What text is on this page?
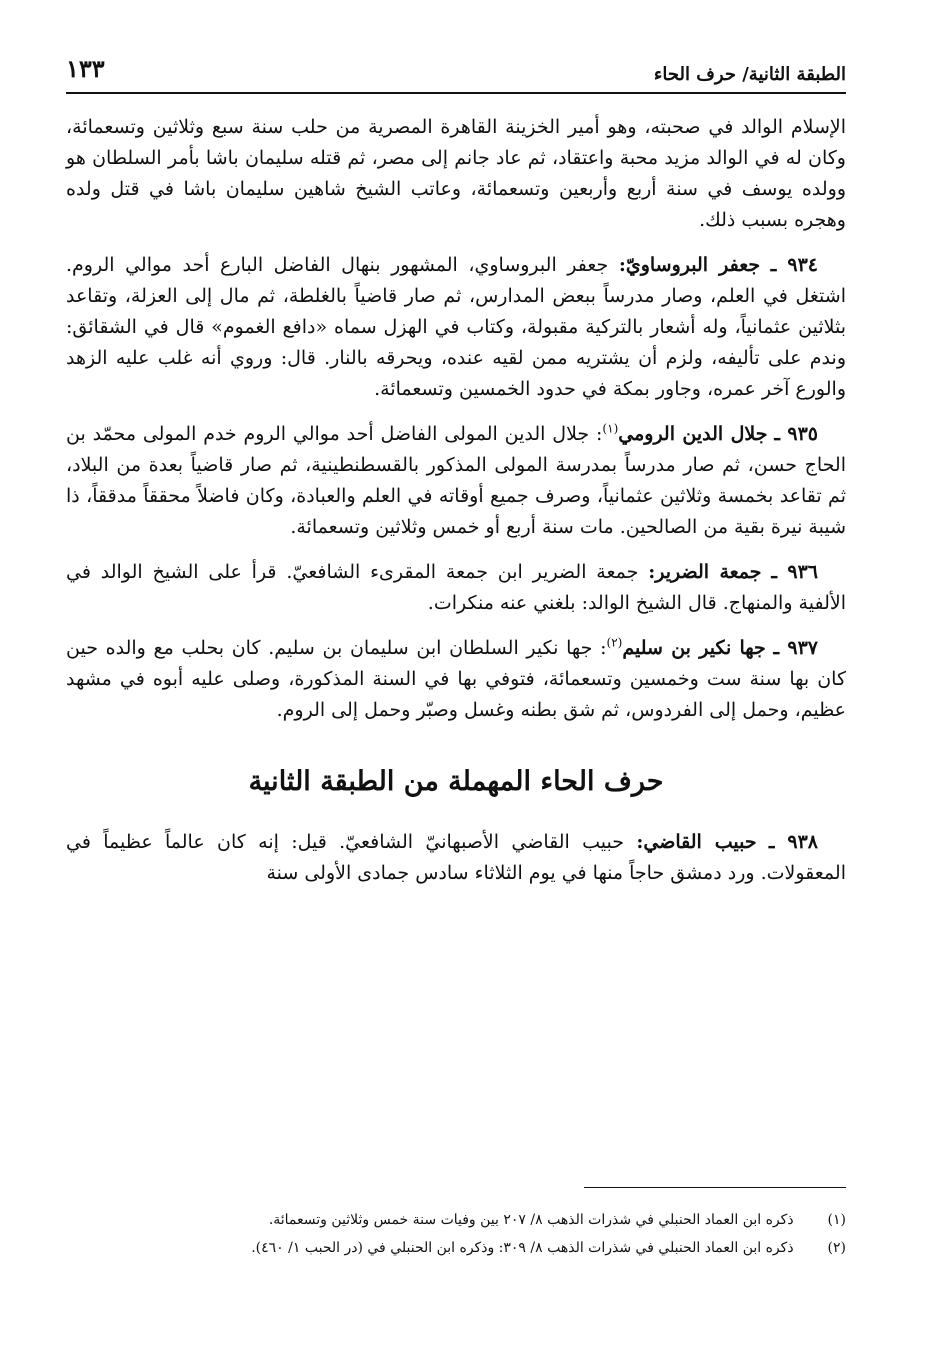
الطبقة الثانية/ حرف الحاء
١٣٣

الإسلام الوالد في صحبته، وهو أمير الخزينة القاهرة المصرية من حلب سنة سبع وثلاثين وتسعمائة، وكان له في الوالد مزيد محبة واعتقاد، ثم عاد جانم إلى مصر، ثم قتله سليمان باشا بأمر السلطان هو وولده يوسف في سنة أربع وأربعين وتسعمائة، وعاتب الشيخ شاهين سليمان باشا في قتل ولده وهجره بسبب ذلك.

٩٣٤ ـ جعفر البروساويّ: جعفر البروساوي، المشهور بنهال الفاضل البارع أحد موالي الروم. اشتغل في العلم، وصار مدرساً ببعض المدارس، ثم صار قاضياً بالغلطة، ثم مال إلى العزلة، وتقاعد بثلاثين عثمانياً، وله أشعار بالتركية مقبولة، وكتاب في الهزل سماه «دافع الغموم» قال في الشقائق: وندم على تأليفه، ولزم أن يشتريه ممن لقيه عنده، ويحرقه بالنار. قال: وروي أنه غلب عليه الزهد والورع آخر عمره، وجاور بمكة في حدود الخمسين وتسعمائة.

٩٣٥ ـ جلال الدين الرومي$^{(١)}$: جلال الدين المولى الفاضل أحد موالي الروم خدم المولى محمّد بن الحاج حسن، ثم صار مدرساً بمدرسة المولى المذكور بالقسطنطينية، ثم صار قاضياً بعدة من البلاد، ثم تقاعد بخمسة وثلاثين عثمانياً، وصرف جميع أوقاته في العلم والعبادة، وكان فاضلاً محققاً مدققاً، ذا شيبة نيرة بقية من الصالحين. مات سنة أربع أو خمس وثلاثين وتسعمائة.

٩٣٦ ـ جمعة الضرير: جمعة الضرير ابن جمعة المقرىء الشافعيّ. قرأ على الشيخ الوالد في الألفية والمنهاج. قال الشيخ الوالد: بلغني عنه منكرات.

٩٣٧ ـ جها نكير بن سليم$^{(٢)}$: جها نكير السلطان ابن سليمان بن سليم. كان بحلب مع والده حين كان بها سنة ست وخمسين وتسعمائة، فتوفي بها في السنة المذكورة، وصلى عليه أبوه في مشهد عظيم، وحمل إلى الفردوس، ثم شق بطنه وغسل وصبّر وحمل إلى الروم.

حرف الحاء المهملة من الطبقة الثانية

٩٣٨ ـ حبيب القاضي: حبيب القاضي الأصبهانيّ الشافعيّ. قيل: إنه كان عالماً عظيماً في المعقولات. ورد دمشق حاجاً منها في يوم الثلاثاء سادس جمادى الأولى سنة

(١) ذكره ابن العماد الحنبلي في شذرات الذهب ٨/ ٢٠٧ بين وفيات سنة خمس وثلاثين وتسعمائة.

(٢) ذكره ابن العماد الحنبلي في شذرات الذهب ٨/ ٣٠٩: وذكره ابن الحنبلي في (در الحبب ١/ ٤٦٠).
